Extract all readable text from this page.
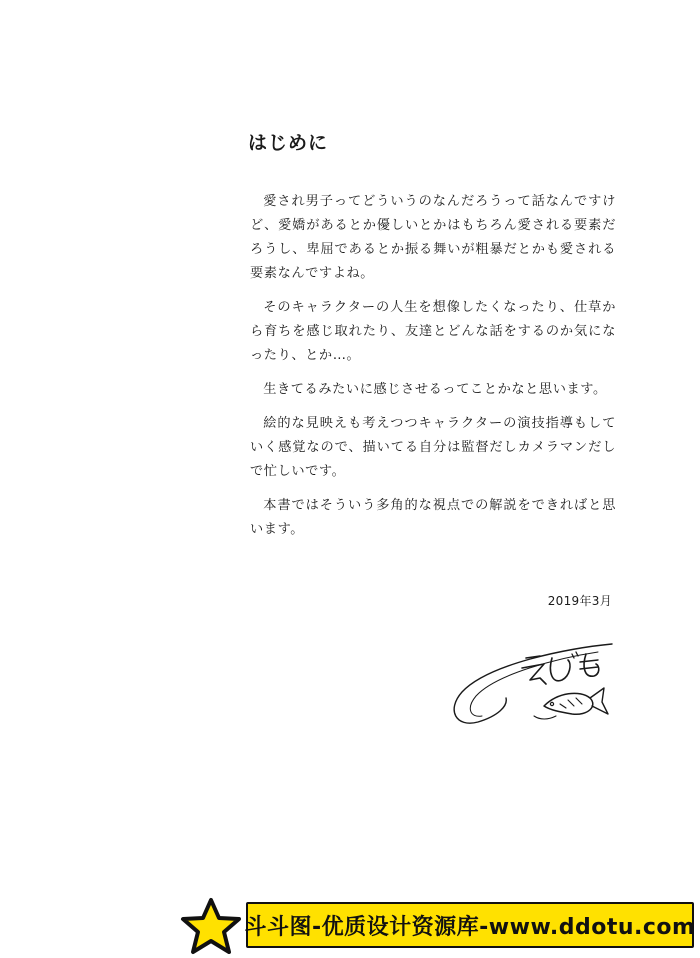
はじめに

愛され男子ってどういうのなんだろうって話なんですけど、愛嬌があるとか優しいとかはもちろん愛される要素だろうし、卑屈であるとか振る舞いが粗暴だとかも愛される要素なんですよね。

そのキャラクターの人生を想像したくなったり、仕草から育ちを感じ取れたり、友達とどんな話をするのか気になったり、とか…。

生きてるみたいに感じさせるってことかなと思います。

絵的な見映えも考えつつキャラクターの演技指導もしていく感覚なので、描いてる自分は監督だしカメラマンだしで忙しいです。

本書ではそういう多角的な視点での解説をできればと思います。

2019年3月
斗斗图-优质设计资源库-www.ddotu.com
